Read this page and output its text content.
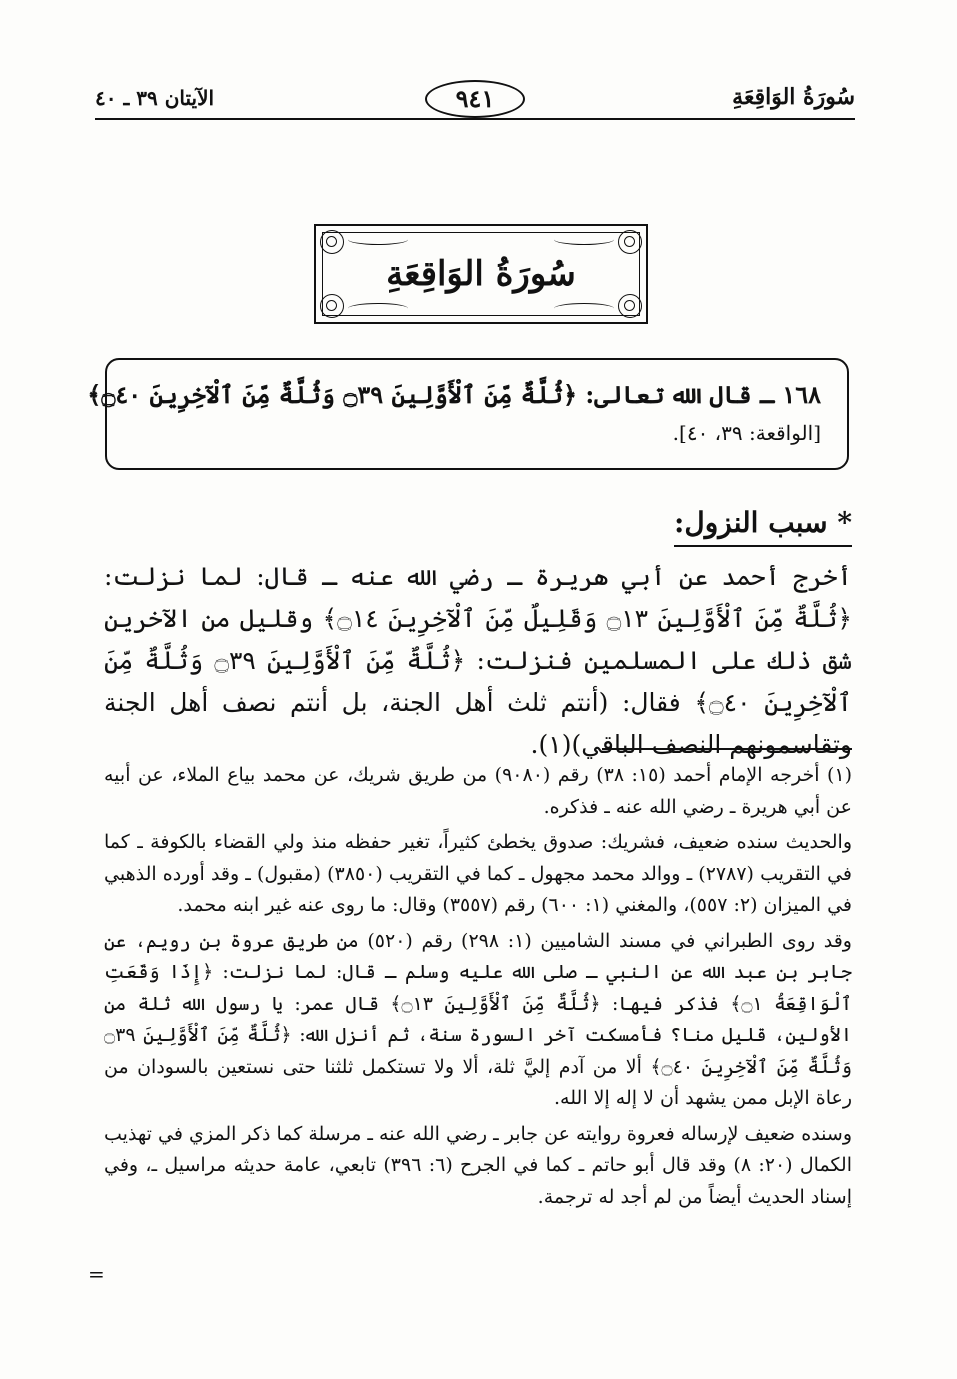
سُورَةُ الوَاقِعَةِ
٩٤١
الآيتان ٣٩ ـ ٤٠
سُورَةُ الوَاقِعَةِ
١٦٨ ـ قال الله تعالى: ﴿ثُلَّةٌ مِّنَ ٱلْأَوَّلِينَ ۝٣٩ وَثُلَّةٌ مِّنَ ٱلْآخِرِينَ ۝٤٠﴾
[الواقعة: ٣٩، ٤٠].
* سبب النزول:

أخرج أحمد عن أبي هريرة ـ رضي الله عنه ـ قال: لما نزلت: ﴿ثُلَّةٌ مِّنَ ٱلْأَوَّلِينَ ۝١٣ وَقَلِيلٌ مِّنَ ٱلْآخِرِينَ ۝١٤﴾ وقليل من الآخرين شق ذلك على المسلمين فنزلت: ﴿ثُلَّةٌ مِّنَ ٱلْأَوَّلِينَ ۝٣٩ وَثُلَّةٌ مِّنَ ٱلْآخِرِينَ ۝٤٠﴾ فقال: (أنتم ثلث أهل الجنة، بل أنتم نصف أهل الجنة وتقاسمونهم النصف الباقي)(١).

(١) أخرجه الإمام أحمد (١٥: ٣٨) رقم (٩٠٨٠) من طريق شريك، عن محمد بياع الملاء، عن أبيه عن أبي هريرة ـ رضي الله عنه ـ فذكره.

والحديث سنده ضعيف، فشريك: صدوق يخطئ كثيراً، تغير حفظه منذ ولي القضاء بالكوفة ـ كما في التقريب (٢٧٨٧) ـ ووالد محمد مجهول ـ كما في التقريب (٣٨٥٠) (مقبول) ـ وقد أورده الذهبي في الميزان (٢: ٥٥٧)، والمغني (١: ٦٠٠) رقم (٣٥٥٧) وقال: ما روى عنه غير ابنه محمد.

وقد روى الطبراني في مسند الشاميين (١: ٢٩٨) رقم (٥٢٠) من طريق عروة بن رويم، عن جابر بن عبد الله عن النبي ـ صلى الله عليه وسلم ـ قال: لما نزلت: ﴿إِذَا وَقَعَتِ ٱلْوَاقِعَةُ ۝١﴾ فذكر فيها: ﴿ثُلَّةٌ مِّنَ ٱلْأَوَّلِينَ ۝١٣﴾ قال عمر: يا رسول الله ثلة من الأولين، قليل منا؟ فأمسكت آخر السورة سنة، ثم أنزل الله: ﴿ثُلَّةٌ مِّنَ ٱلْأَوَّلِينَ ۝٣٩ وَثُلَّةٌ مِّنَ ٱلْآخِرِينَ ۝٤٠﴾ ألا من آدم إليَّ ثلة، ألا ولا تستكمل ثلثنا حتى نستعين بالسودان من رعاة الإبل ممن يشهد أن لا إله إلا الله.

وسنده ضعيف لإرساله فعروة روايته عن جابر ـ رضي الله عنه ـ مرسلة كما ذكر المزي في تهذيب الكمال (٢٠: ٨) وقد قال أبو حاتم ـ كما في الجرح (٦: ٣٩٦) تابعي، عامة حديثه مراسيل ـ، وفي إسناد الحديث أيضاً من لم أجد له ترجمة.

=
